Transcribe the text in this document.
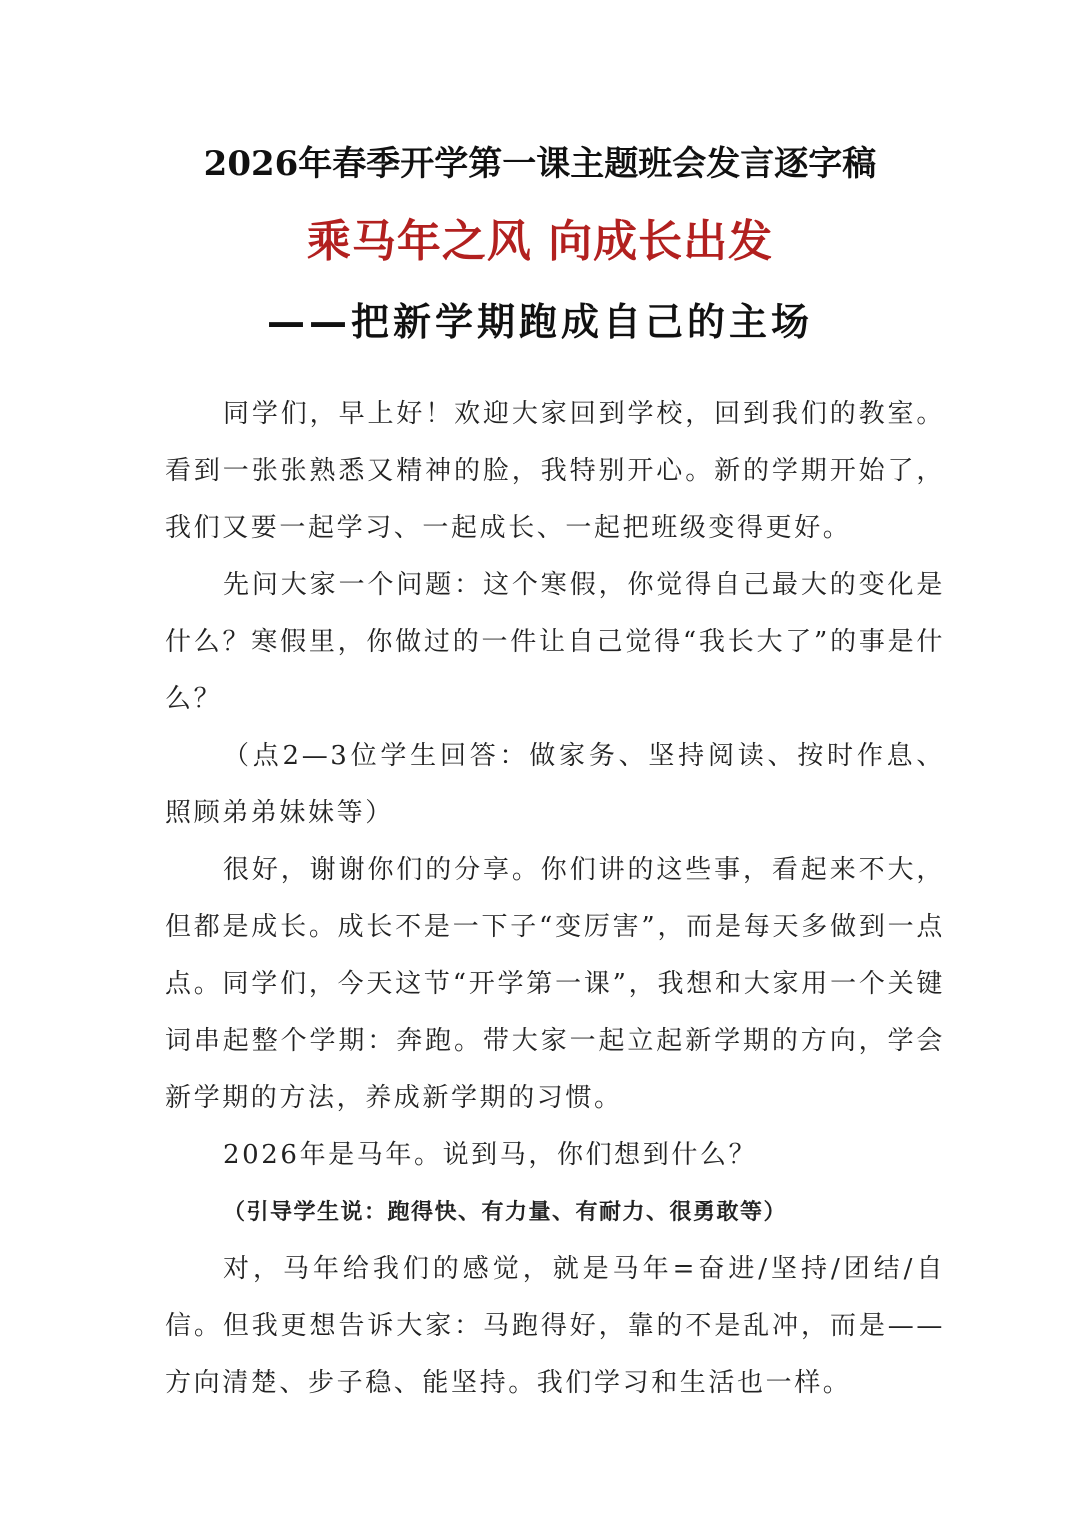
2026年春季开学第一课主题班会发言逐字稿
乘马年之风 向成长出发
——把新学期跑成自己的主场

同学们，早上好！欢迎大家回到学校，回到我们的教室。看到一张张熟悉又精神的脸，我特别开心。新的学期开始了，我们又要一起学习、一起成长、一起把班级变得更好。

先问大家一个问题：这个寒假，你觉得自己最大的变化是什么？寒假里，你做过的一件让自己觉得“我长大了”的事是什么？

（点2—3位学生回答：做家务、坚持阅读、按时作息、照顾弟弟妹妹等）

很好，谢谢你们的分享。你们讲的这些事，看起来不大，但都是成长。成长不是一下子“变厉害”，而是每天多做到一点点。同学们，今天这节“开学第一课”，我想和大家用一个关键词串起整个学期：奔跑。带大家一起立起新学期的方向，学会新学期的方法，养成新学期的习惯。

2026年是马年。说到马，你们想到什么？

（引导学生说：跑得快、有力量、有耐力、很勇敢等）

对，马年给我们的感觉，就是马年=奋进/坚持/团结/自信。但我更想告诉大家：马跑得好，靠的不是乱冲，而是——方向清楚、步子稳、能坚持。我们学习和生活也一样。
